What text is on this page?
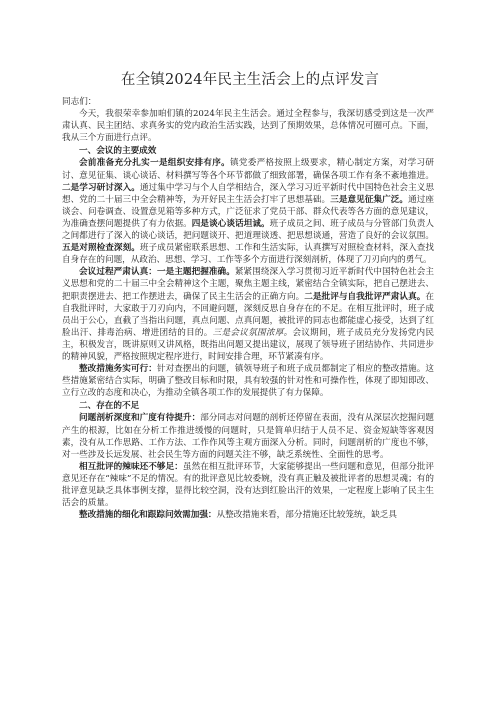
在全镇2024年民主生活会上的点评发言

同志们：

今天，我很荣幸参加咱们镇的2024年民主生活会。通过全程参与，我深切感受到这是一次严肃认真、民主团结、求真务实的党内政治生活实践，达到了预期效果，总体情况可圈可点。下面，我从三个方面进行点评。

一、会议的主要成效

会前准备充分扎实一是组织安排有序。镇党委严格按照上级要求，精心制定方案，对学习研讨、意见征集、谈心谈话、材料撰写等各个环节都做了细致部署，确保各项工作有条不紊地推进。二是学习研讨深入。通过集中学习与个人自学相结合，深入学习习近平新时代中国特色社会主义思想、党的二十届三中全会精神等，为开好民主生活会打牢了思想基础。三是意见征集广泛。通过座谈会、问卷调查、设置意见箱等多种方式，广泛征求了党员干部、群众代表等各方面的意见建议，为准确查摆问题提供了有力依据。四是谈心谈话坦诚。班子成员之间、班子成员与分管部门负责人之间都进行了深入的谈心谈话，把问题谈开、把道理谈透、把思想谈通，营造了良好的会议氛围。五是对照检查深刻。班子成员紧密联系思想、工作和生活实际，认真撰写对照检查材料，深入查找自身存在的问题，从政治、思想、学习、工作等多个方面进行深刻剖析，体现了刀刃向内的勇气。

会议过程严肃认真：一是主题把握准确。紧紧围绕深入学习贯彻习近平新时代中国特色社会主义思想和党的二十届三中全会精神这个主题，聚焦主题主线，紧密结合全镇实际，把自己摆进去、把职责摆进去、把工作摆进去，确保了民主生活会的正确方向。二是批评与自我批评严肃认真。在自我批评时，大家敢于刀刃向内，不回避问题，深刻反思自身存在的不足。在相互批评时，班子成员出于公心，直截了当指出问题，真点问题、点真问题，被批评的同志也都能虚心接受，达到了红脸出汗、排毒治病、增进团结的目的。三是会议氛围浓厚。会议期间，班子成员充分发扬党内民主，积极发言，既讲原则又讲风格，既指出问题又提出建议，展现了领导班子团结协作、共同进步的精神风貌，严格按照规定程序进行，时间安排合理，环节紧凑有序。

整改措施务实可行：针对查摆出的问题，镇领导班子和班子成员都制定了相应的整改措施。这些措施紧密结合实际，明确了整改目标和时限，具有较强的针对性和可操作性，体现了即知即改、立行立改的态度和决心，为推动全镇各项工作的发展提供了有力保障。

二、存在的不足

问题剖析深度和广度有待提升：部分同志对问题的剖析还停留在表面，没有从深层次挖掘问题产生的根源，比如在分析工作推进缓慢的问题时，只是简单归结于人员不足、资金短缺等客观因素，没有从工作思路、工作方法、工作作风等主观方面深入分析。同时，问题剖析的广度也不够，对一些涉及长远发展、社会民生等方面的问题关注不够，缺乏系统性、全面性的思考。

相互批评的辣味还不够足：虽然在相互批评环节，大家能够提出一些问题和意见，但部分批评意见还存在“辣味”不足的情况。有的批评意见比较委婉，没有真正触及被批评者的思想灵魂；有的批评意见缺乏具体事例支撑，显得比较空洞，没有达到红脸出汗的效果，一定程度上影响了民主生活会的质量。

整改措施的细化和跟踪问效需加强：从整改措施来看，部分措施还比较笼统，缺乏具
